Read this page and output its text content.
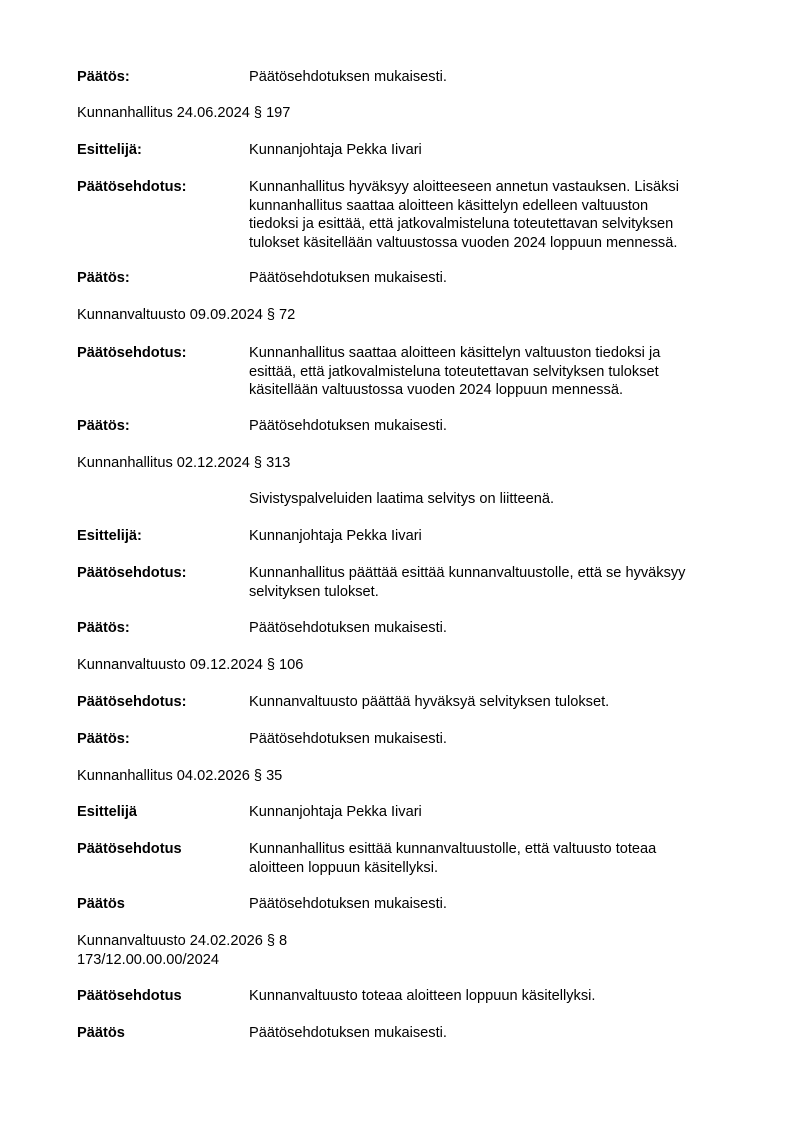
Päätös:	Päätösehdotuksen mukaisesti.
Kunnanhallitus 24.06.2024 § 197
Esittelijä:	Kunnanjohtaja Pekka Iivari
Päätösehdotus:	Kunnanhallitus hyväksyy aloitteeseen annetun vastauksen. Lisäksi
kunnanhallitus saattaa aloitteen käsittelyn edelleen valtuuston
tiedoksi ja esittää, että jatkovalmisteluna toteutettavan selvityksen
tulokset käsitellään valtuustossa vuoden 2024 loppuun mennessä.
Päätös:	Päätösehdotuksen mukaisesti.
Kunnanvaltuusto 09.09.2024 § 72
Päätösehdotus:	Kunnanhallitus saattaa aloitteen käsittelyn valtuuston tiedoksi ja
esittää, että jatkovalmisteluna toteutettavan selvityksen tulokset
käsitellään valtuustossa vuoden 2024 loppuun mennessä.
Päätös:	Päätösehdotuksen mukaisesti.
Kunnanhallitus 02.12.2024 § 313
Sivistyspalveluiden laatima selvitys on liitteenä.
Esittelijä:	Kunnanjohtaja Pekka Iivari
Päätösehdotus:	Kunnanhallitus päättää esittää kunnanvaltuustolle, että se hyväksyy
selvityksen tulokset.
Päätös:	Päätösehdotuksen mukaisesti.
Kunnanvaltuusto 09.12.2024 § 106
Päätösehdotus:	Kunnanvaltuusto päättää hyväksyä selvityksen tulokset.
Päätös:	Päätösehdotuksen mukaisesti.
Kunnanhallitus 04.02.2026 § 35
Esittelijä	Kunnanjohtaja Pekka Iivari
Päätösehdotus	Kunnanhallitus esittää kunnanvaltuustolle, että valtuusto toteaa
aloitteen loppuun käsitellyksi.
Päätös	Päätösehdotuksen mukaisesti.
Kunnanvaltuusto 24.02.2026 § 8
173/12.00.00.00/2024
Päätösehdotus	Kunnanvaltuusto toteaa aloitteen loppuun käsitellyksi.
Päätös	Päätösehdotuksen mukaisesti.
